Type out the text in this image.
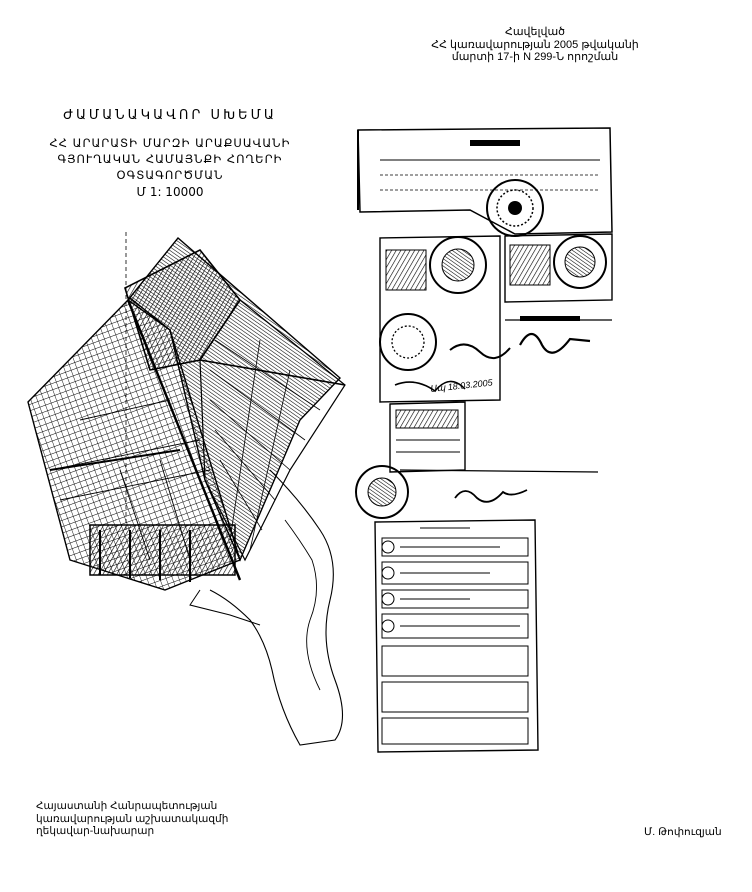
Հավելված
ՀՀ կառավարության 2005 թվականի
մարտի 17-ի N 299-Ն որոշման
ԺԱՄԱՆԱԿԱՎՈՐ ՍԽԵՄԱ
ՀՀ ԱՐԱՐԱՏԻ ՄԱՐԶԻ ԱՐԱՔՍԱՎԱՆԻ
ԳՅՈՒՂԱԿԱՆ ՀԱՄԱՅՆՔԻ ՀՈՂԵՐԻ
ՕԳՏԱԳՈՐԾՄԱՆ
Մ 1: 10000
Ապ 18.03.2005
Հայաստանի Հանրապետության
կառավարության աշխատակազմի
ղեկավար-նախարար	Մ. Թոփուզյան
